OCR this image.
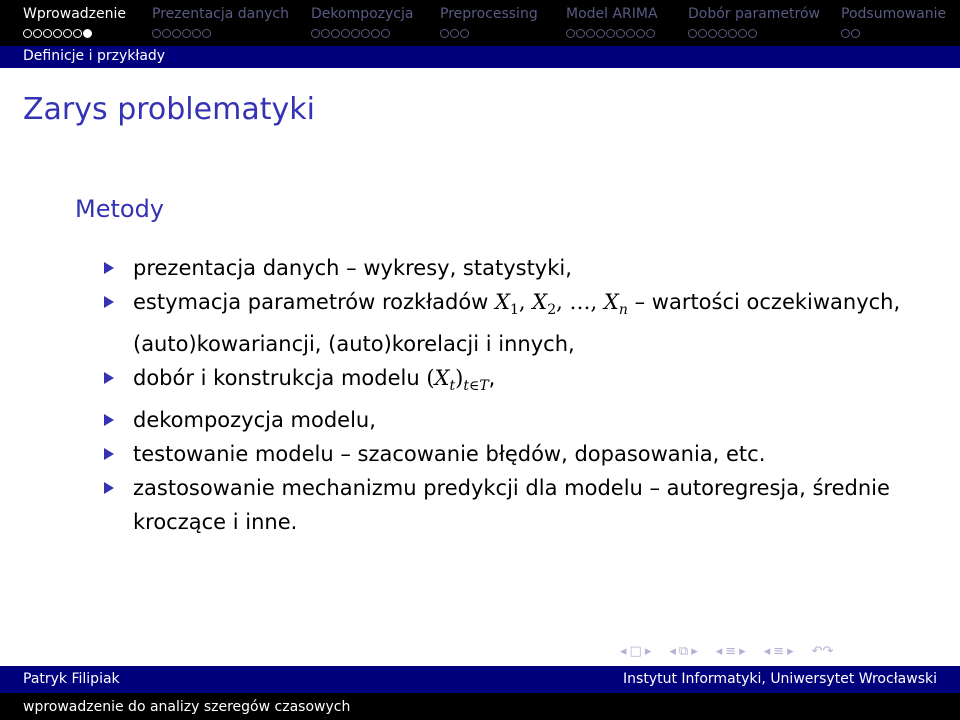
Wprowadzenie Prezentacja danych Dekompozycja Preprocessing Model ARIMA Dobór parametrów Podsumowanie
Definicje i przykłady
Zarys problematyki
Metody
prezentacja danych – wykresy, statystyki,
estymacja parametrów rozkładów $X_1$, $X_2$, …, $X_n$ – wartości oczekiwanych, (auto)kowariancji, (auto)korelacji i innych,
dobór i konstrukcja modelu $(X_t)_{t\in T}$,
dekompozycja modelu,
testowanie modelu – szacowanie błędów, dopasowania, etc.
zastosowanie mechanizmu predykcji dla modelu – autoregresja, średnie kroczące i inne.
◂ □ ▸ ◂ ⧉ ▸ ◂ ≡ ▸ ◂ ≡ ▸ ↶↷
Patryk Filipiak	Instytut Informatyki, Uniwersytet Wrocławski
wprowadzenie do analizy szeregów czasowych
